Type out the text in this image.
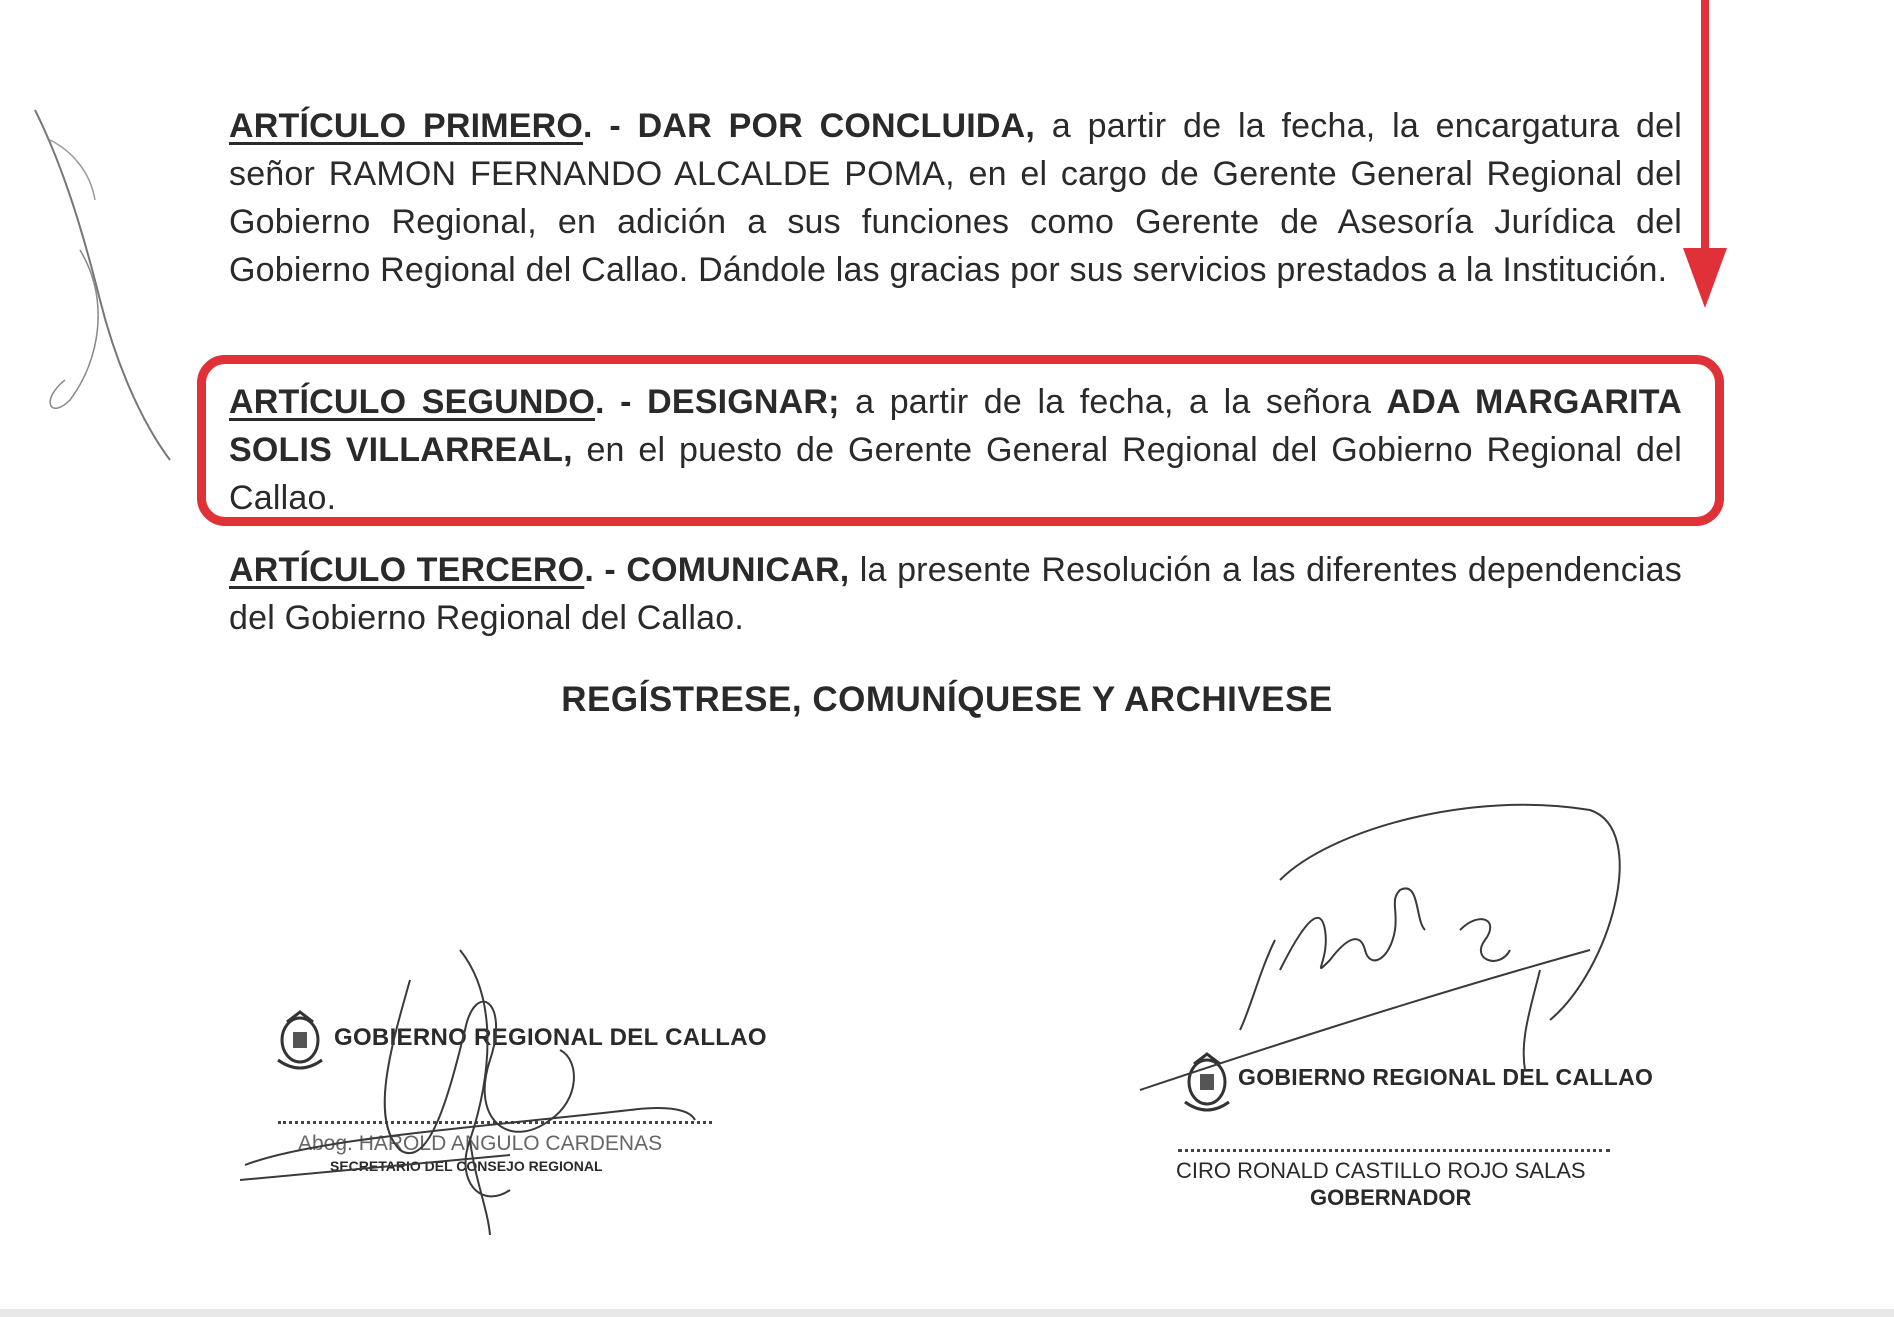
ARTÍCULO PRIMERO. - DAR POR CONCLUIDA, a partir de la fecha, la encargatura del señor RAMON FERNANDO ALCALDE POMA, en el cargo de Gerente General Regional del Gobierno Regional, en adición a sus funciones como Gerente de Asesoría Jurídica del Gobierno Regional del Callao. Dándole las gracias por sus servicios prestados a la Institución.
ARTÍCULO SEGUNDO. - DESIGNAR; a partir de la fecha, a la señora ADA MARGARITA SOLIS VILLARREAL, en el puesto de Gerente General Regional del Gobierno Regional del Callao.
ARTÍCULO TERCERO. - COMUNICAR, la presente Resolución a las diferentes dependencias del Gobierno Regional del Callao.
REGÍSTRESE, COMUNÍQUESE Y ARCHIVESE
GOBIERNO REGIONAL DEL CALLAO
Abog. HAROLD ANGULO CARDENAS
SECRETARIO DEL CONSEJO REGIONAL
GOBIERNO REGIONAL DEL CALLAO
CIRO RONALD CASTILLO ROJO SALAS
GOBERNADOR
